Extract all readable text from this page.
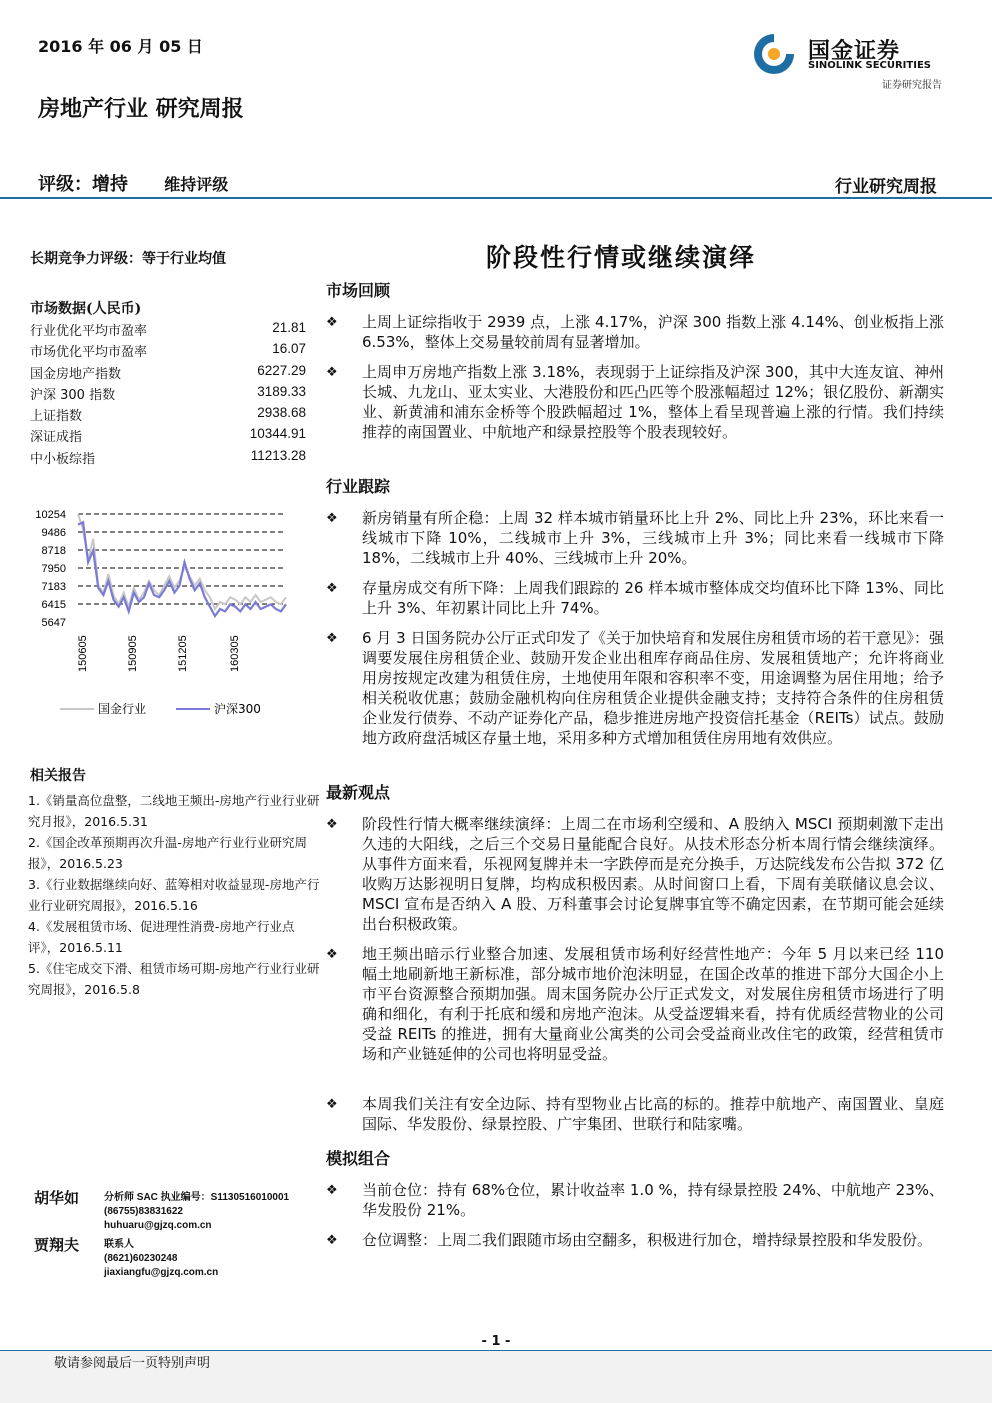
2016 年 06 月 05 日	国金证券
SINOLINK SECURITIES
证券研究报告
房地产行业 研究周报
评级：增持 维持评级	行业研究周报
长期竞争力评级：等于行业均值
市场数据(人民币)
行业优化平均市盈率	21.81
市场优化平均市盈率	16.07
国金房地产指数	6227.29
沪深 300 指数	3189.33
上证指数	2938.68
深证成指	10344.91
中小板综指	11213.28
10254
9486
8718
7950
7183
6415
5647
150605	150905	151205	160305
国金行业	沪深300
相关报告
1.《销量高位盘整，二线地王频出-房地产行业行业研究月报》，2016.5.31
2.《国企改革预期再次升温-房地产行业行业研究周报》，2016.5.23
3.《行业数据继续向好、蓝筹相对收益显现-房地产行业行业研究周报》，2016.5.16
4.《发展租赁市场、促进理性消费-房地产行业点评》，2016.5.11
5.《住宅成交下滑、租赁市场可期-房地产行业行业研究周报》，2016.5.8
胡华如 分析师 SAC 执业编号：S1130516010001
(86755)83831622
huhuaru@gjzq.com.cn
贾翔夫 联系人
(8621)60230248
jiaxiangfu@gjzq.com.cn
阶段性行情或继续演绎
市场回顾
❖	上周上证综指收于 2939 点，上涨 4.17%，沪深 300 指数上涨 4.14%、创业板指上涨 6.53%，整体上交易量较前周有显著增加。
❖	上周申万房地产指数上涨 3.18%，表现弱于上证综指及沪深 300，其中大连友谊、神州长城、九龙山、亚太实业、大港股份和匹凸匹等个股涨幅超过 12%；银亿股份、新潮实业、新黄浦和浦东金桥等个股跌幅超过 1%，整体上看呈现普遍上涨的行情。我们持续推荐的南国置业、中航地产和绿景控股等个股表现较好。
行业跟踪
❖	新房销量有所企稳：上周 32 样本城市销量环比上升 2%、同比上升 23%，环比来看一线城市下降 10%，二线城市上升 3%，三线城市上升 3%；同比来看一线城市下降 18%，二线城市上升 40%、三线城市上升 20%。
❖	存量房成交有所下降：上周我们跟踪的 26 样本城市整体成交均值环比下降 13%、同比上升 3%、年初累计同比上升 74%。
❖	6 月 3 日国务院办公厅正式印发了《关于加快培育和发展住房租赁市场的若干意见》：强调要发展住房租赁企业、鼓励开发企业出租库存商品住房、发展租赁地产；允许将商业用房按规定改建为租赁住房，土地使用年限和容积率不变，用途调整为居住用地；给予相关税收优惠；鼓励金融机构向住房租赁企业提供金融支持；支持符合条件的住房租赁企业发行债券、不动产证券化产品，稳步推进房地产投资信托基金（REITs）试点。鼓励地方政府盘活城区存量土地，采用多种方式增加租赁住房用地有效供应。
最新观点
❖	阶段性行情大概率继续演绎：上周二在市场利空缓和、A 股纳入 MSCI 预期刺激下走出久违的大阳线，之后三个交易日量能配合良好。从技术形态分析本周行情会继续演绎。从事件方面来看，乐视网复牌并未一字跌停而是充分换手，万达院线发布公告拟 372 亿收购万达影视明日复牌，均构成积极因素。从时间窗口上看，下周有美联储议息会议、MSCI 宣布是否纳入 A 股、万科董事会讨论复牌事宜等不确定因素，在节期可能会延续出台积极政策。
❖	地王频出暗示行业整合加速、发展租赁市场利好经营性地产：今年 5 月以来已经 110 幅土地刷新地王新标准，部分城市地价泡沫明显，在国企改革的推进下部分大国企小上市平台资源整合预期加强。周末国务院办公厅正式发文，对发展住房租赁市场进行了明确和细化，有利于托底和缓和房地产泡沫。从受益逻辑来看，持有优质经营物业的公司受益 REITs 的推进，拥有大量商业公寓类的公司会受益商业改住宅的政策，经营租赁市场和产业链延伸的公司也将明显受益。
❖	本周我们关注有安全边际、持有型物业占比高的标的。推荐中航地产、南国置业、皇庭国际、华发股份、绿景控股、广宇集团、世联行和陆家嘴。
模拟组合
❖	当前仓位：持有 68%仓位，累计收益率 1.0 %，持有绿景控股 24%、中航地产 23%、华发股份 21%。
❖	仓位调整：上周二我们跟随市场由空翻多，积极进行加仓，增持绿景控股和华发股份。
- 1 -
敬请参阅最后一页特别声明
